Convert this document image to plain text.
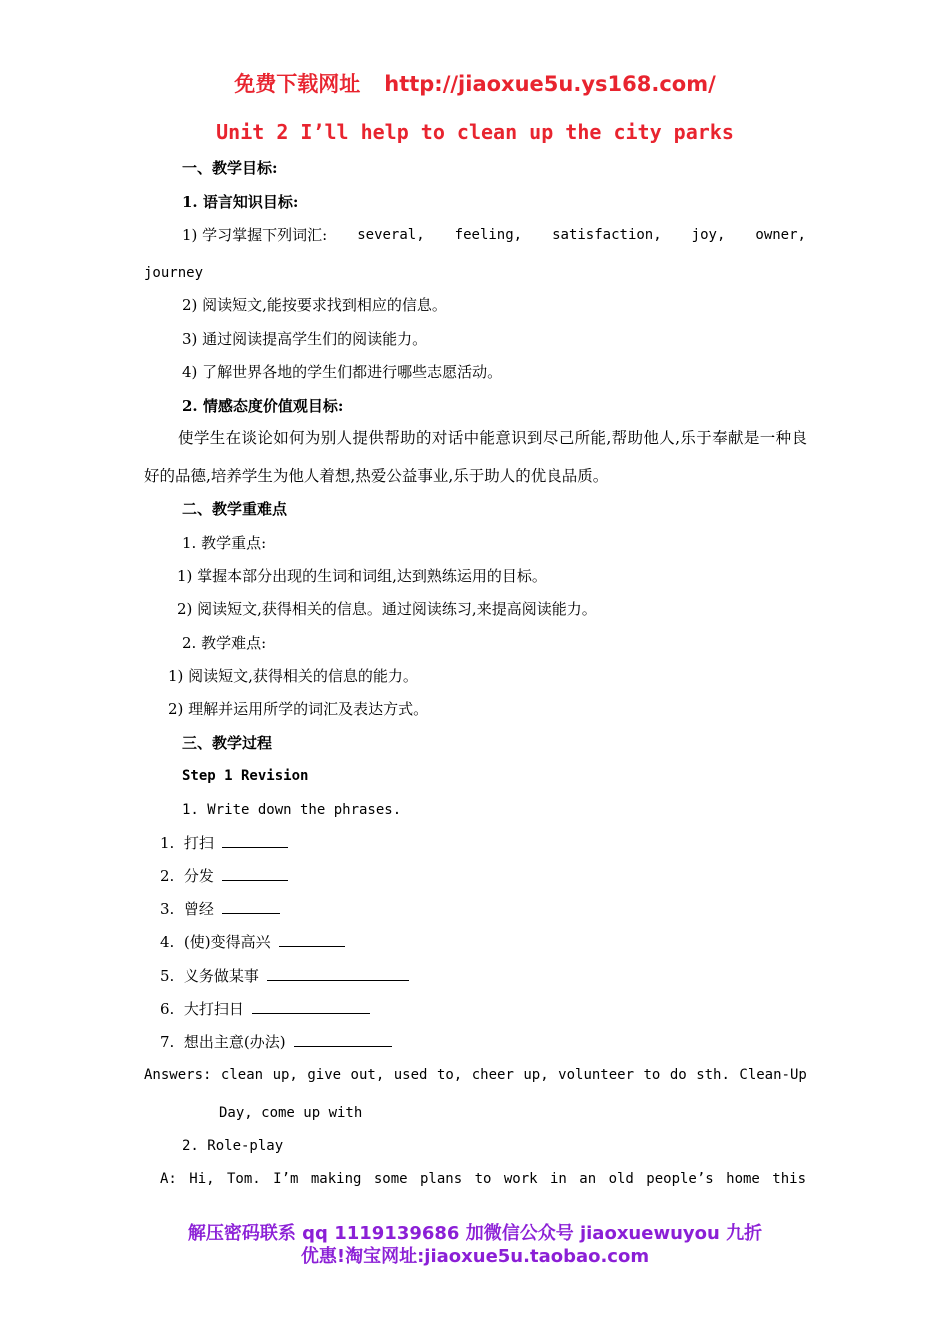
免费下载网址 http://jiaoxue5u.ys168.com/
Unit 2 I’ll help to clean up the city parks
一、教学目标:
1. 语言知识目标:
1) 学习掌握下列词汇: several, feeling, satisfaction, joy, owner,
journey
2) 阅读短文,能按要求找到相应的信息。
3) 通过阅读提高学生们的阅读能力。
4) 了解世界各地的学生们都进行哪些志愿活动。
2. 情感态度价值观目标:
使学生在谈论如何为别人提供帮助的对话中能意识到尽己所能,帮助他人,乐于奉献是一种良好的品德,培养学生为他人着想,热爱公益事业,乐于助人的优良品质。
二、教学重难点
1. 教学重点:
1) 掌握本部分出现的生词和词组,达到熟练运用的目标。
2) 阅读短文,获得相关的信息。通过阅读练习,来提高阅读能力。
2. 教学难点:
1) 阅读短文,获得相关的信息的能力。
2) 理解并运用所学的词汇及表达方式。
三、教学过程
Step 1 Revision
1. Write down the phrases.
1. 打扫
2. 分发
3. 曾经
4. (使)变得高兴
5. 义务做某事
6. 大打扫日
7. 想出主意(办法)
Answers: clean up, give out, used to, cheer up, volunteer to do sth. Clean-Up
Day, come up with
2. Role-play
A: Hi, Tom. I’m making some plans to work in an old people’s home this
解压密码联系 qq 1119139686 加微信公众号 jiaoxuewuyou 九折
优惠!淘宝网址:jiaoxue5u.taobao.com
